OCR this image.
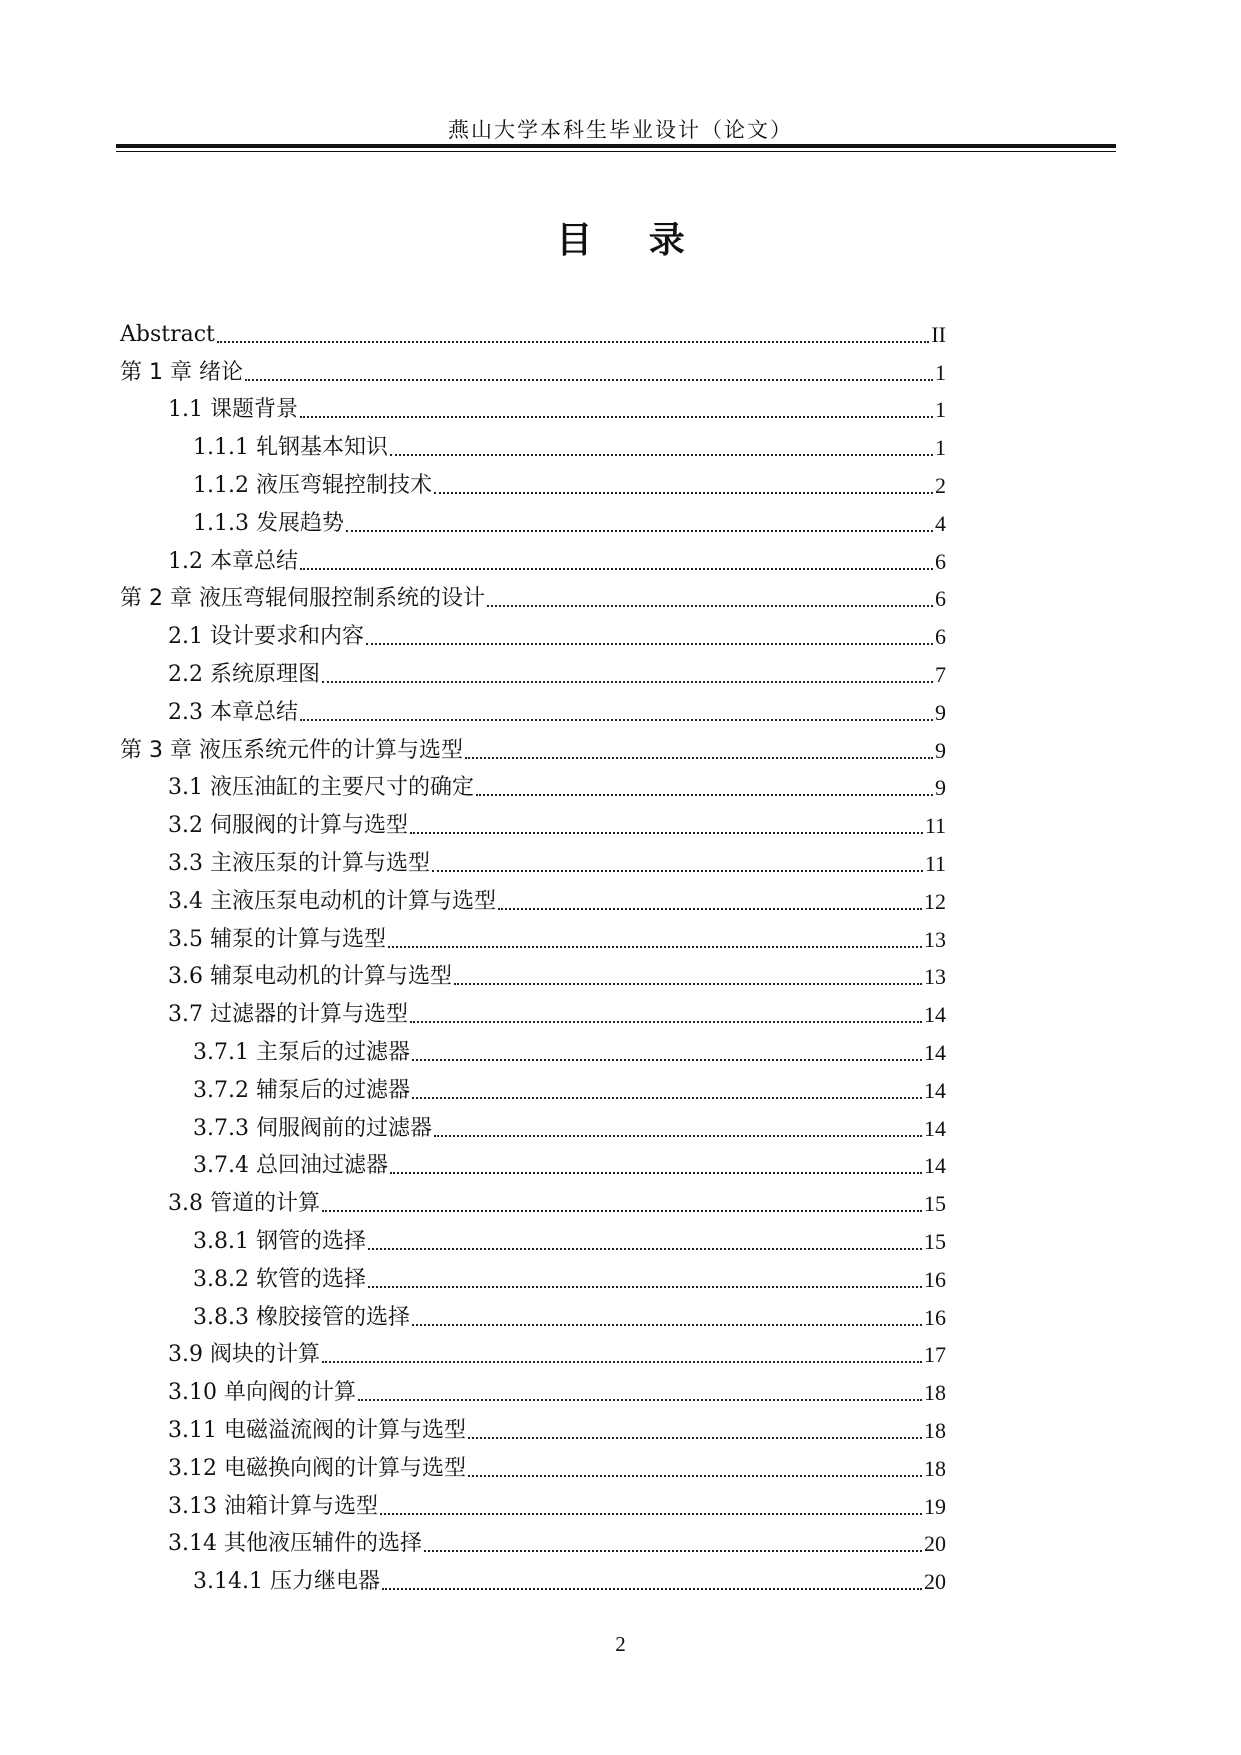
燕山大学本科生毕业设计（论文）
目 录
Abstract	II
第 1 章 绪论	1
1.1 课题背景	1
1.1.1 轧钢基本知识	1
1.1.2 液压弯辊控制技术	2
1.1.3 发展趋势	4
1.2 本章总结	6
第 2 章 液压弯辊伺服控制系统的设计	6
2.1 设计要求和内容	6
2.2 系统原理图	7
2.3 本章总结	9
第 3 章 液压系统元件的计算与选型	9
3.1 液压油缸的主要尺寸的确定	9
3.2 伺服阀的计算与选型	11
3.3 主液压泵的计算与选型	11
3.4 主液压泵电动机的计算与选型	12
3.5 辅泵的计算与选型	13
3.6 辅泵电动机的计算与选型	13
3.7 过滤器的计算与选型	14
3.7.1 主泵后的过滤器	14
3.7.2 辅泵后的过滤器	14
3.7.3 伺服阀前的过滤器	14
3.7.4 总回油过滤器	14
3.8 管道的计算	15
3.8.1 钢管的选择	15
3.8.2 软管的选择	16
3.8.3 橡胶接管的选择	16
3.9 阀块的计算	17
3.10 单向阀的计算	18
3.11 电磁溢流阀的计算与选型	18
3.12 电磁换向阀的计算与选型	18
3.13 油箱计算与选型	19
3.14 其他液压辅件的选择	20
3.14.1 压力继电器	20
2
